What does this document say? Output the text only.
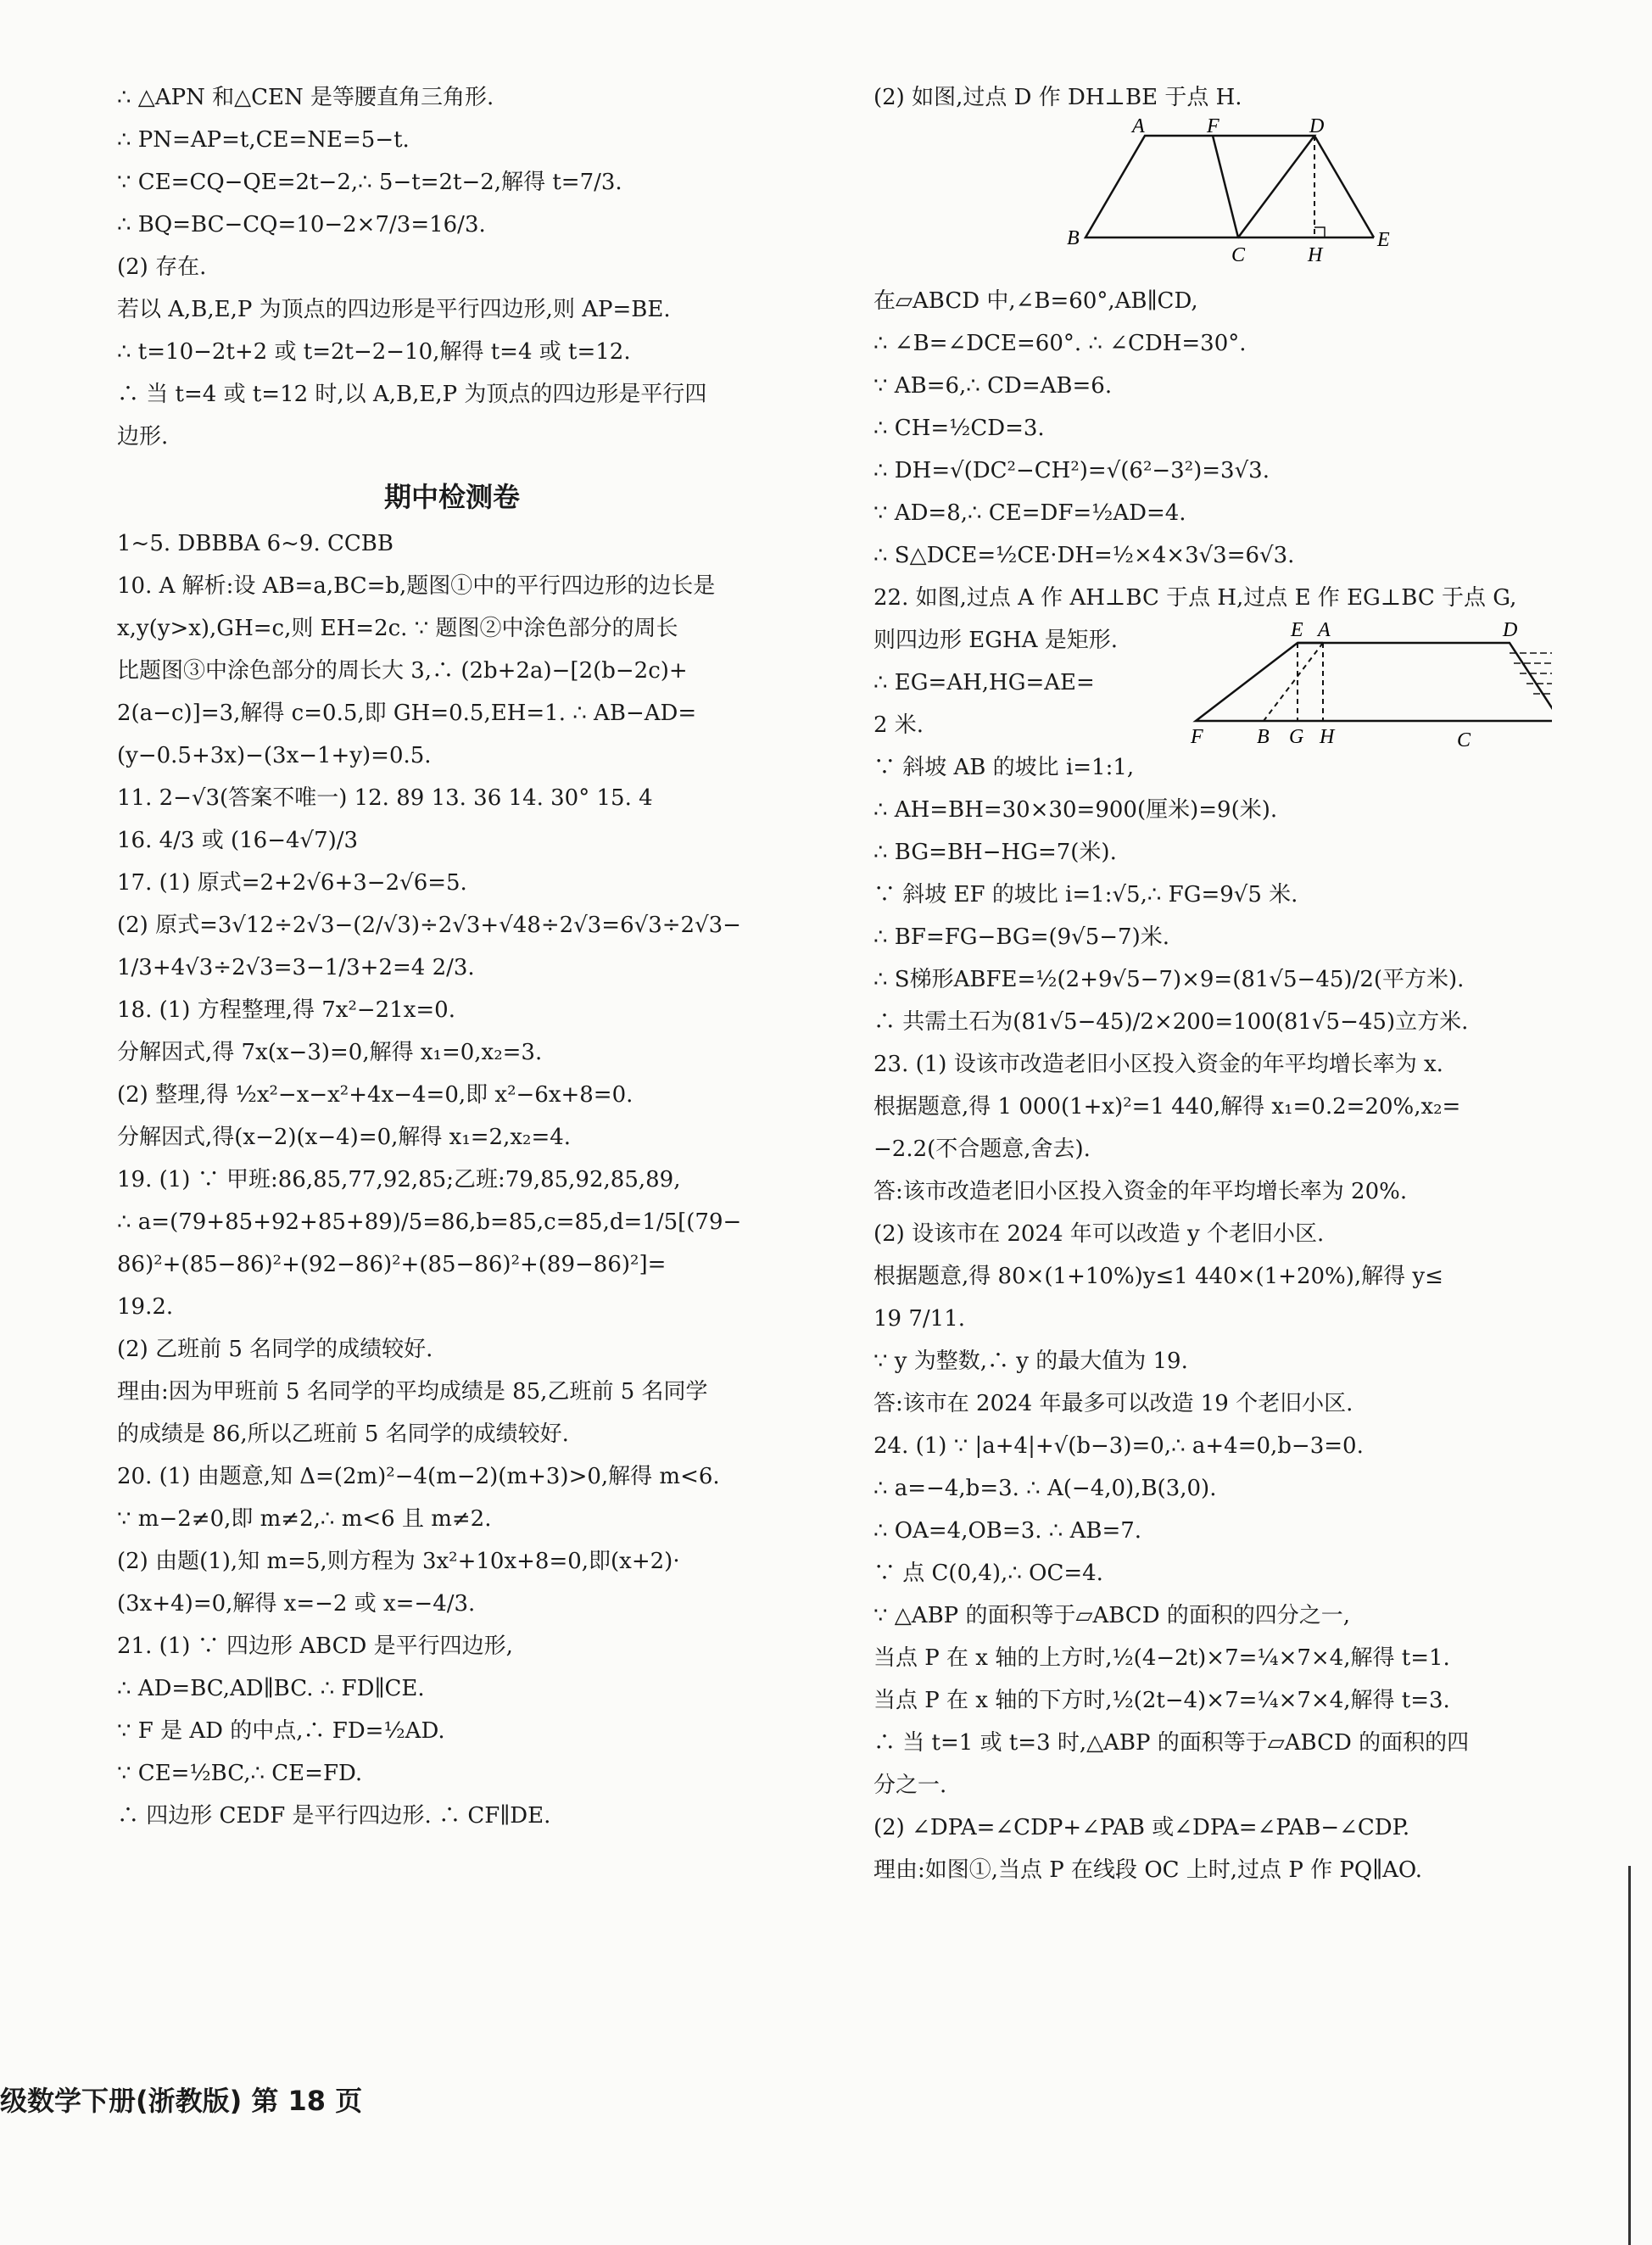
∴ △APN 和△CEN 是等腰直角三角形.
∴ PN=AP=t,CE=NE=5−t.
∵ CE=CQ−QE=2t−2,∴ 5−t=2t−2,解得 t=7/3.
∴ BQ=BC−CQ=10−2×7/3=16/3.
(2) 存在.
若以 A,B,E,P 为顶点的四边形是平行四边形,则 AP=BE.
∴ t=10−2t+2 或 t=2t−2−10,解得 t=4 或 t=12.
∴ 当 t=4 或 t=12 时,以 A,B,E,P 为顶点的四边形是平行四
边形.
期中检测卷
1~5. DBBBA 6~9. CCBB
10. A 解析:设 AB=a,BC=b,题图①中的平行四边形的边长是
x,y(y>x),GH=c,则 EH=2c. ∵ 题图②中涂色部分的周长
比题图③中涂色部分的周长大 3,∴ (2b+2a)−[2(b−2c)+
2(a−c)]=3,解得 c=0.5,即 GH=0.5,EH=1. ∴ AB−AD=
(y−0.5+3x)−(3x−1+y)=0.5.
11. 2−√3(答案不唯一) 12. 89 13. 36 14. 30° 15. 4
16. 4/3 或 (16−4√7)/3
17. (1) 原式=2+2√6+3−2√6=5.
(2) 原式=3√12÷2√3−(2/√3)÷2√3+√48÷2√3=6√3÷2√3−
1/3+4√3÷2√3=3−1/3+2=4 2/3.
18. (1) 方程整理,得 7x²−21x=0.
分解因式,得 7x(x−3)=0,解得 x₁=0,x₂=3.
(2) 整理,得 ½x²−x−x²+4x−4=0,即 x²−6x+8=0.
分解因式,得(x−2)(x−4)=0,解得 x₁=2,x₂=4.
19. (1) ∵ 甲班:86,85,77,92,85;乙班:79,85,92,85,89,
∴ a=(79+85+92+85+89)/5=86,b=85,c=85,d=1/5[(79−
86)²+(85−86)²+(92−86)²+(85−86)²+(89−86)²]=
19.2.
(2) 乙班前 5 名同学的成绩较好.
理由:因为甲班前 5 名同学的平均成绩是 85,乙班前 5 名同学
的成绩是 86,所以乙班前 5 名同学的成绩较好.
20. (1) 由题意,知 Δ=(2m)²−4(m−2)(m+3)>0,解得 m<6.
∵ m−2≠0,即 m≠2,∴ m<6 且 m≠2.
(2) 由题(1),知 m=5,则方程为 3x²+10x+8=0,即(x+2)·
(3x+4)=0,解得 x=−2 或 x=−4/3.
21. (1) ∵ 四边形 ABCD 是平行四边形,
∴ AD=BC,AD∥BC. ∴ FD∥CE.
∵ F 是 AD 的中点,∴ FD=½AD.
∵ CE=½BC,∴ CE=FD.
∴ 四边形 CEDF 是平行四边形. ∴ CF∥DE.
(2) 如图,过点 D 作 DH⊥BE 于点 H.
A	F	D
B
C	H
E
在▱ABCD 中,∠B=60°,AB∥CD,
∴ ∠B=∠DCE=60°. ∴ ∠CDH=30°.
∵ AB=6,∴ CD=AB=6.
∴ CH=½CD=3.
∴ DH=√(DC²−CH²)=√(6²−3²)=3√3.
∵ AD=8,∴ CE=DF=½AD=4.
∴ S△DCE=½CE·DH=½×4×3√3=6√3.
22. 如图,过点 A 作 AH⊥BC 于点 H,过点 E 作 EG⊥BC 于点 G,
则四边形 EGHA 是矩形.
∴ EG=AH,HG=AE=
2 米.
E A	D
F	B G H	C
∵ 斜坡 AB 的坡比 i=1:1,
∴ AH=BH=30×30=900(厘米)=9(米).
∴ BG=BH−HG=7(米).
∵ 斜坡 EF 的坡比 i=1:√5,∴ FG=9√5 米.
∴ BF=FG−BG=(9√5−7)米.
∴ S梯形ABFE=½(2+9√5−7)×9=(81√5−45)/2(平方米).
∴ 共需土石为(81√5−45)/2×200=100(81√5−45)立方米.
23. (1) 设该市改造老旧小区投入资金的年平均增长率为 x.
根据题意,得 1 000(1+x)²=1 440,解得 x₁=0.2=20%,x₂=
−2.2(不合题意,舍去).
答:该市改造老旧小区投入资金的年平均增长率为 20%.
(2) 设该市在 2024 年可以改造 y 个老旧小区.
根据题意,得 80×(1+10%)y≤1 440×(1+20%),解得 y≤
19 7/11.
∵ y 为整数,∴ y 的最大值为 19.
答:该市在 2024 年最多可以改造 19 个老旧小区.
24. (1) ∵ |a+4|+√(b−3)=0,∴ a+4=0,b−3=0.
∴ a=−4,b=3. ∴ A(−4,0),B(3,0).
∴ OA=4,OB=3. ∴ AB=7.
∵ 点 C(0,4),∴ OC=4.
∵ △ABP 的面积等于▱ABCD 的面积的四分之一,
当点 P 在 x 轴的上方时,½(4−2t)×7=¼×7×4,解得 t=1.
当点 P 在 x 轴的下方时,½(2t−4)×7=¼×7×4,解得 t=3.
∴ 当 t=1 或 t=3 时,△ABP 的面积等于▱ABCD 的面积的四
分之一.
(2) ∠DPA=∠CDP+∠PAB 或∠DPA=∠PAB−∠CDP.
理由:如图①,当点 P 在线段 OC 上时,过点 P 作 PQ∥AO.
级数学下册(浙教版) 第 18 页
